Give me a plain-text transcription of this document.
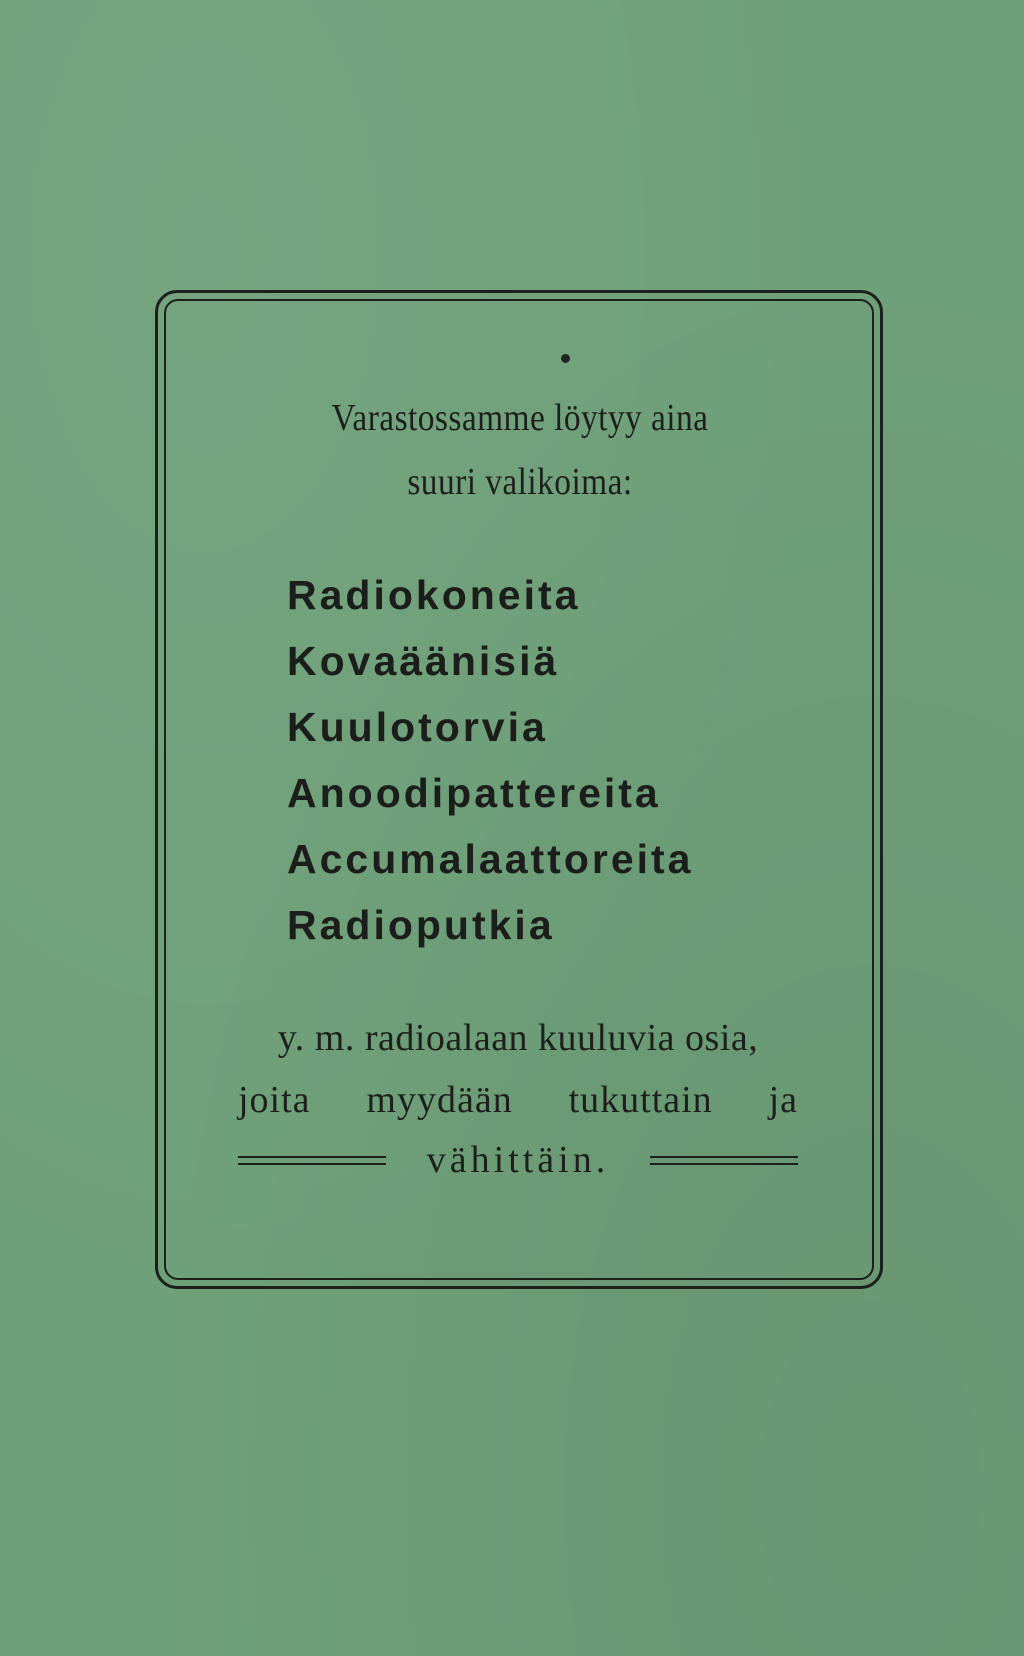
Varastossamme löytyy aina
suuri valikoima:
Radiokoneita
Kovaäänisiä
Kuulotorvia
Anoodipattereita
Accumalaattoreita
Radioputkia
y. m. radioalaan kuuluvia osia,
joita myydään tukuttain ja
vähittäin.
